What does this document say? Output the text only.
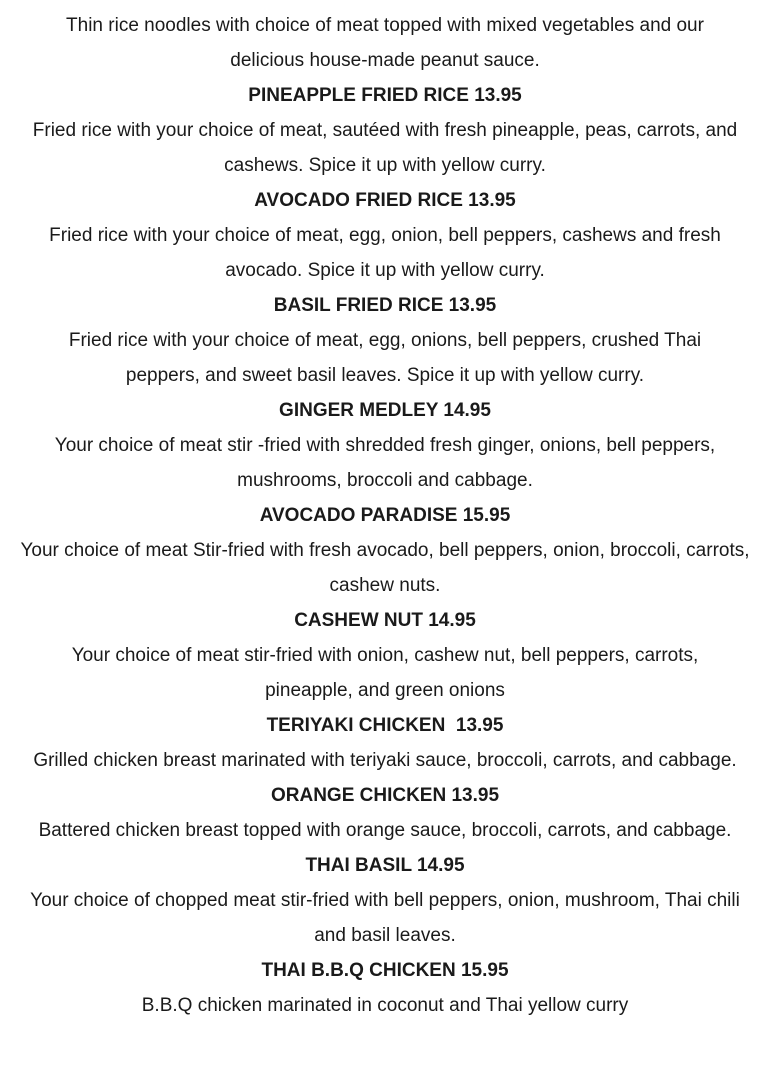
Thin rice noodles with choice of meat topped with mixed vegetables and our delicious house-made peanut sauce.
PINEAPPLE FRIED RICE 13.95
Fried rice with your choice of meat, sautéed with fresh pineapple, peas, carrots, and cashews. Spice it up with yellow curry.
AVOCADO FRIED RICE 13.95
Fried rice with your choice of meat, egg, onion, bell peppers, cashews and fresh avocado. Spice it up with yellow curry.
BASIL FRIED RICE 13.95
Fried rice with your choice of meat, egg, onions, bell peppers, crushed Thai peppers, and sweet basil leaves. Spice it up with yellow curry.
GINGER MEDLEY 14.95
Your choice of meat stir -fried with shredded fresh ginger, onions, bell peppers, mushrooms, broccoli and cabbage.
AVOCADO PARADISE 15.95
Your choice of meat Stir-fried with fresh avocado, bell peppers, onion, broccoli, carrots, cashew nuts.
CASHEW NUT 14.95
Your choice of meat stir-fried with onion, cashew nut, bell peppers, carrots, pineapple, and green onions
TERIYAKI CHICKEN  13.95
Grilled chicken breast marinated with teriyaki sauce, broccoli, carrots, and cabbage.
ORANGE CHICKEN 13.95
Battered chicken breast topped with orange sauce, broccoli, carrots, and cabbage.
THAI BASIL 14.95
Your choice of chopped meat stir-fried with bell peppers, onion, mushroom, Thai chili and basil leaves.
THAI B.B.Q CHICKEN 15.95
B.B.Q chicken marinated in coconut and Thai yellow curry
